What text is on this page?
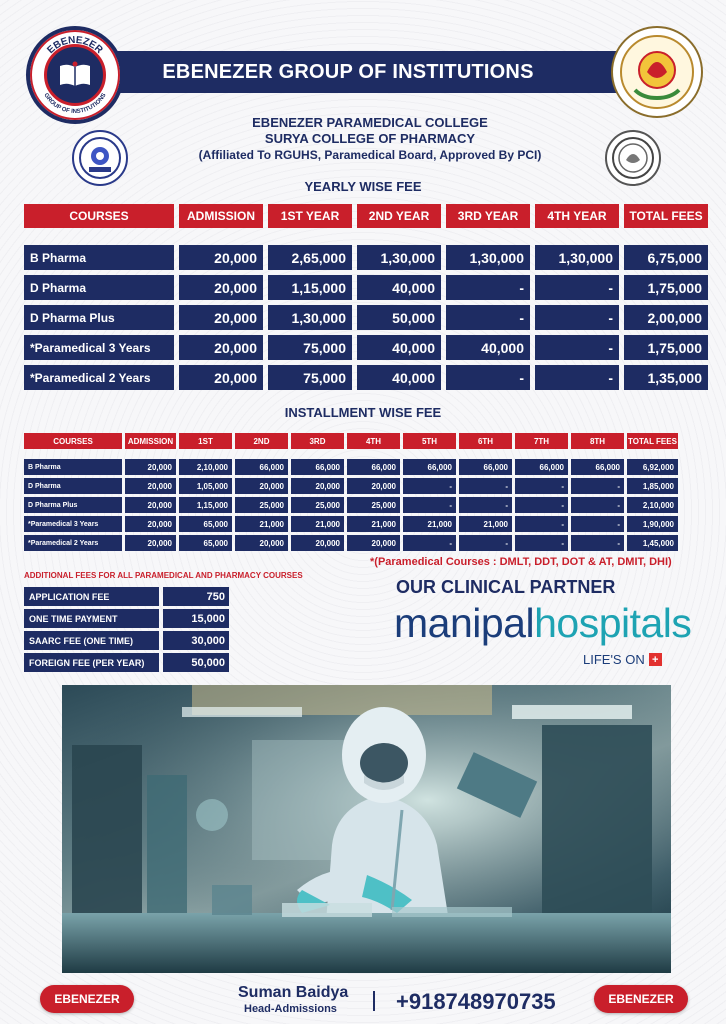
EBENEZER GROUP OF INSTITUTIONS
EBENEZER
GROUP OF INSTITUTIONS
EBENEZER PARAMEDICAL COLLEGE
SURYA COLLEGE OF PHARMACY
(Affiliated To RGUHS, Paramedical Board, Approved By PCI)
YEARLY WISE FEE
COURSES	ADMISSION	1ST YEAR	2ND YEAR	3RD YEAR	4TH YEAR	TOTAL FEES
B Pharma	20,000	2,65,000	1,30,000	1,30,000	1,30,000	6,75,000
D Pharma	20,000	1,15,000	40,000	-	-	1,75,000
D Pharma Plus	20,000	1,30,000	50,000	-	-	2,00,000
*Paramedical 3 Years	20,000	75,000	40,000	40,000	-	1,75,000
*Paramedical 2 Years	20,000	75,000	40,000	-	-	1,35,000
INSTALLMENT WISE FEE
COURSES	ADMISSION	1ST	2ND	3RD	4TH	5TH	6TH	7TH	8TH	TOTAL FEES
B Pharma	20,000	2,10,000	66,000	66,000	66,000	66,000	66,000	66,000	66,000	6,92,000
D Pharma	20,000	1,05,000	20,000	20,000	20,000	-	-	-	-	1,85,000
D Pharma Plus	20,000	1,15,000	25,000	25,000	25,000	-	-	-	-	2,10,000
*Paramedical 3 Years	20,000	65,000	21,000	21,000	21,000	21,000	21,000	-	-	1,90,000
*Paramedical 2 Years	20,000	65,000	20,000	20,000	20,000	-	-	-	-	1,45,000
*(Paramedical Courses : DMLT, DDT, DOT & AT, DMIT, DHI)
ADDITIONAL FEES FOR ALL PARAMEDICAL AND PHARMACY COURSES
APPLICATION FEE	750
ONE TIME PAYMENT	15,000
SAARC FEE (ONE TIME)	30,000
FOREIGN FEE (PER YEAR)	50,000
OUR CLINICAL PARTNER
manipalhospitals
LIFE'S ON +
EBENEZER	Suman Baidya
Head-Admissions	+918748970735	EBENEZER
